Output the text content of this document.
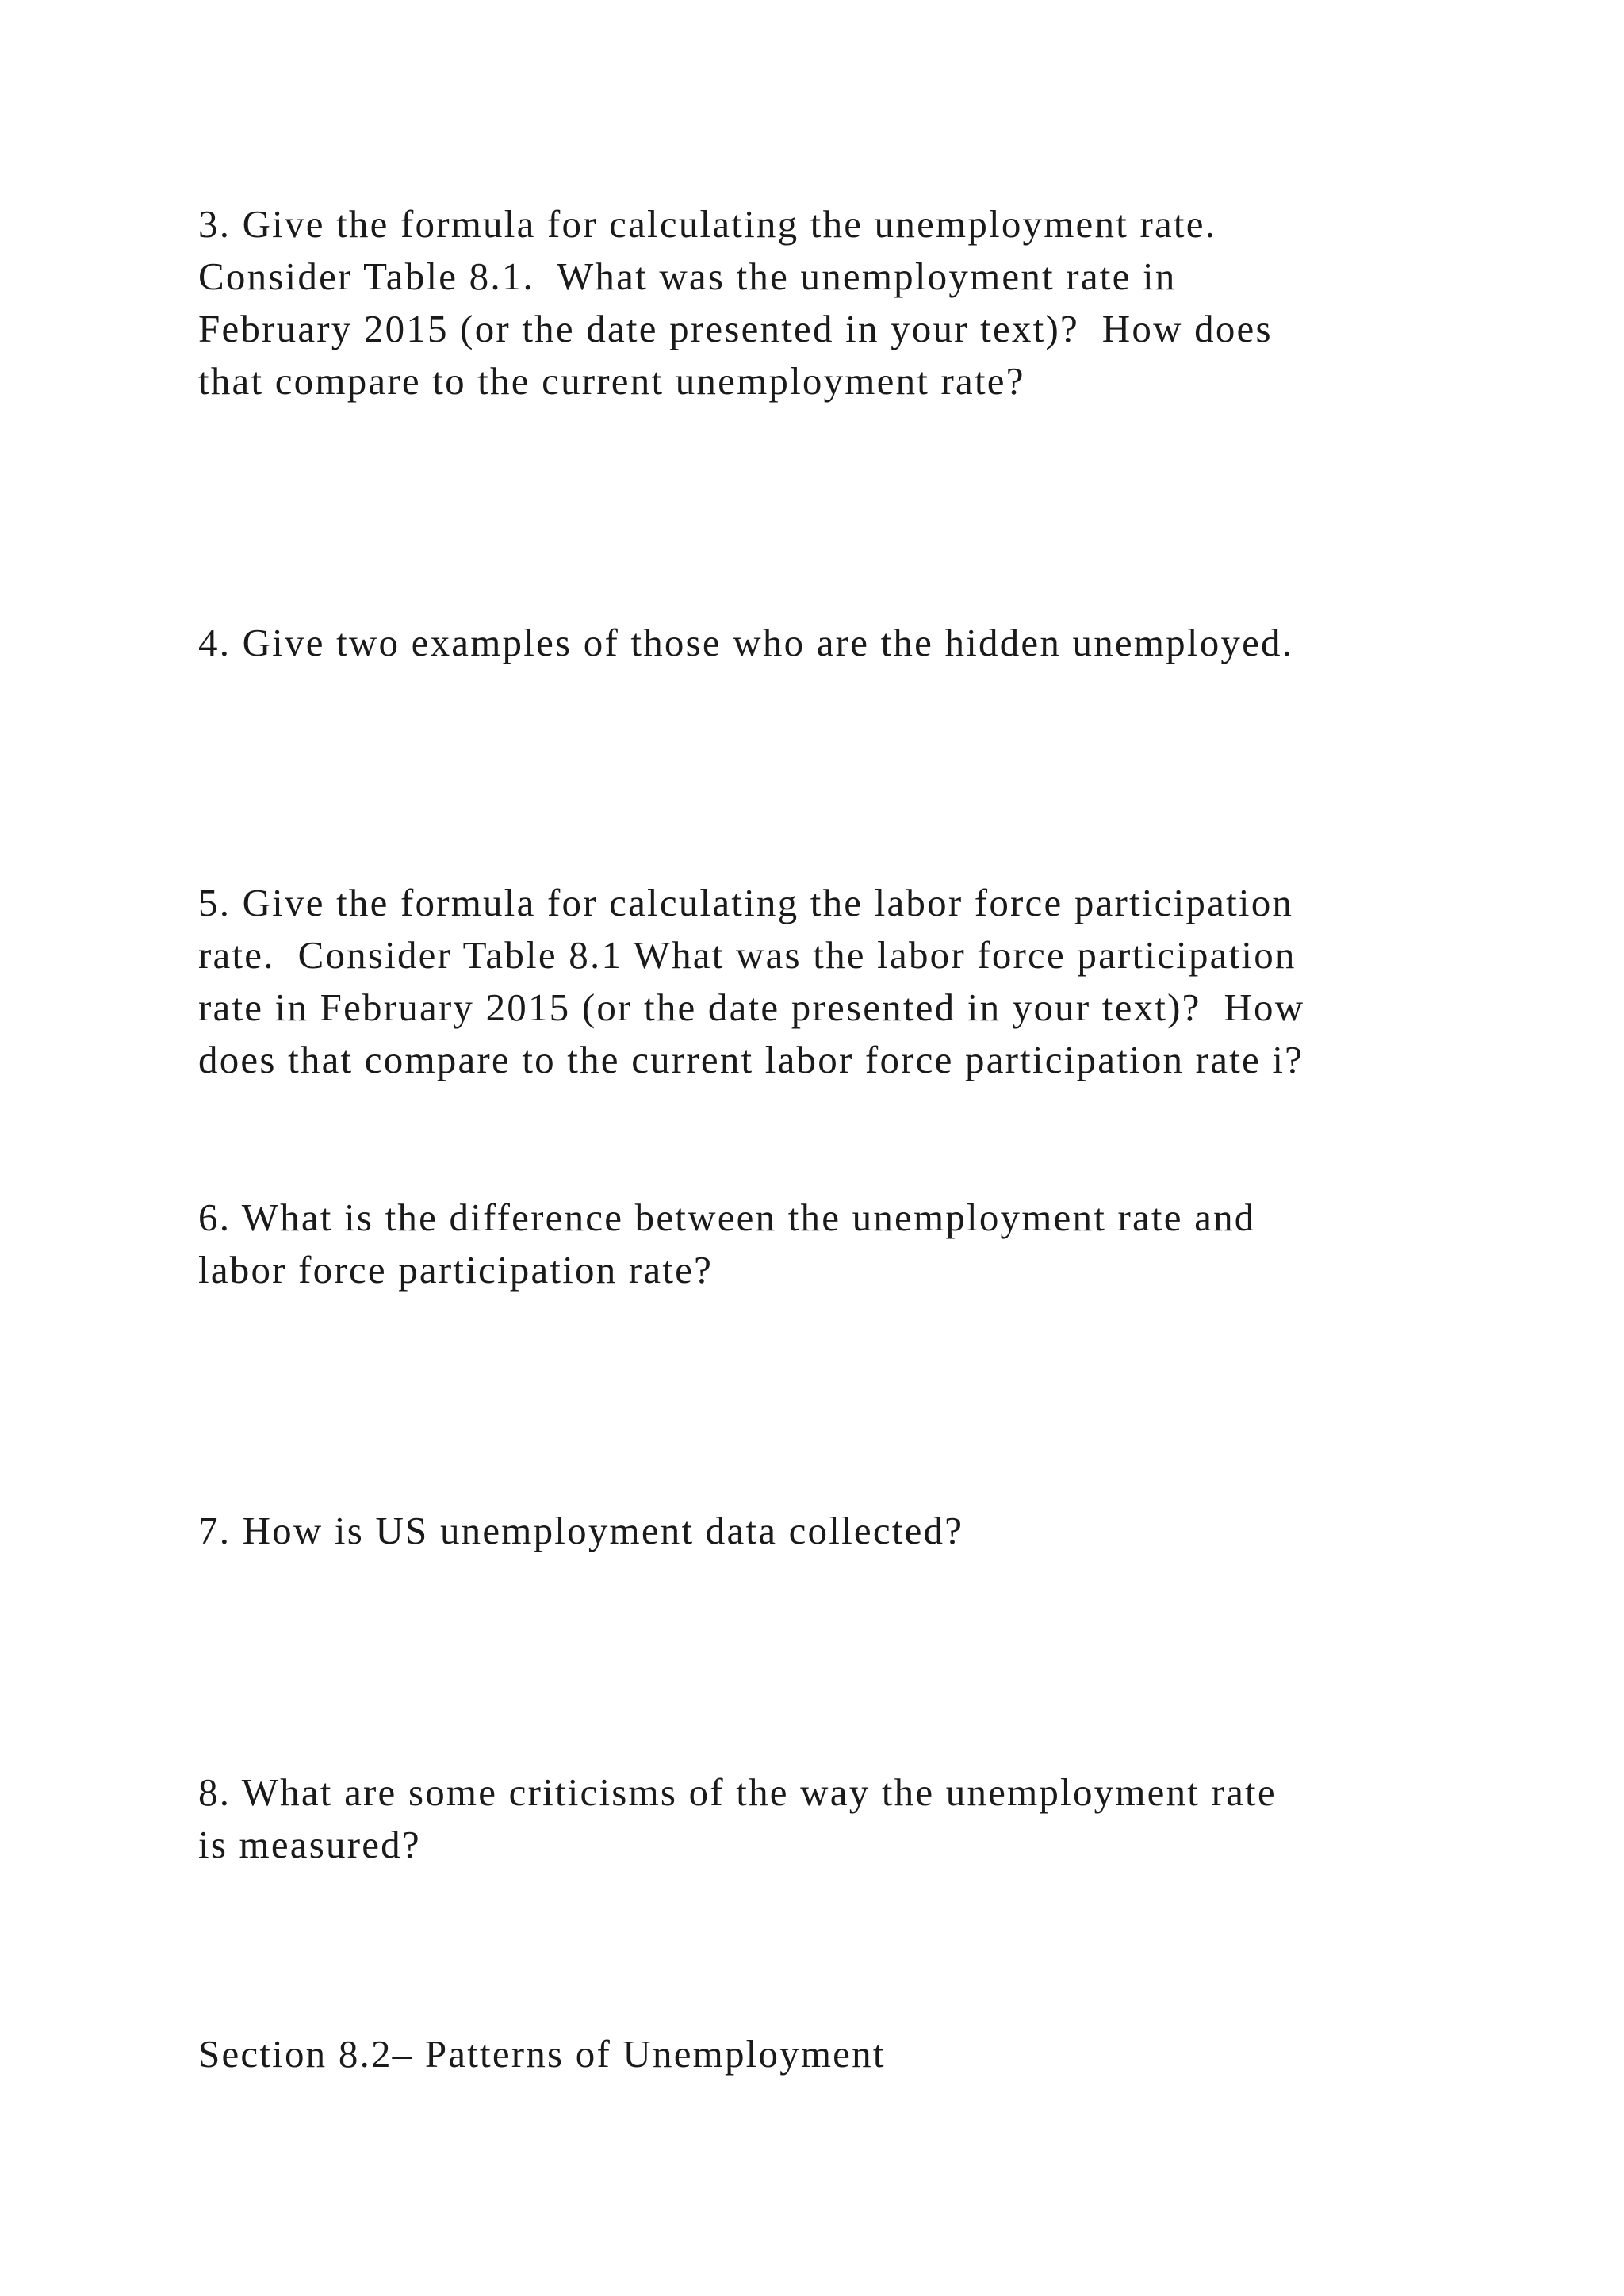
3. Give the formula for calculating the unemployment rate.
Consider Table 8.1.  What was the unemployment rate in
February 2015 (or the date presented in your text)?  How does
that compare to the current unemployment rate?
4. Give two examples of those who are the hidden unemployed.
5. Give the formula for calculating the labor force participation
rate.  Consider Table 8.1 What was the labor force participation
rate in February 2015 (or the date presented in your text)?  How
does that compare to the current labor force participation rate i?
6. What is the difference between the unemployment rate and
labor force participation rate?
7. How is US unemployment data collected?
8. What are some criticisms of the way the unemployment rate
is measured?
Section 8.2– Patterns of Unemployment
